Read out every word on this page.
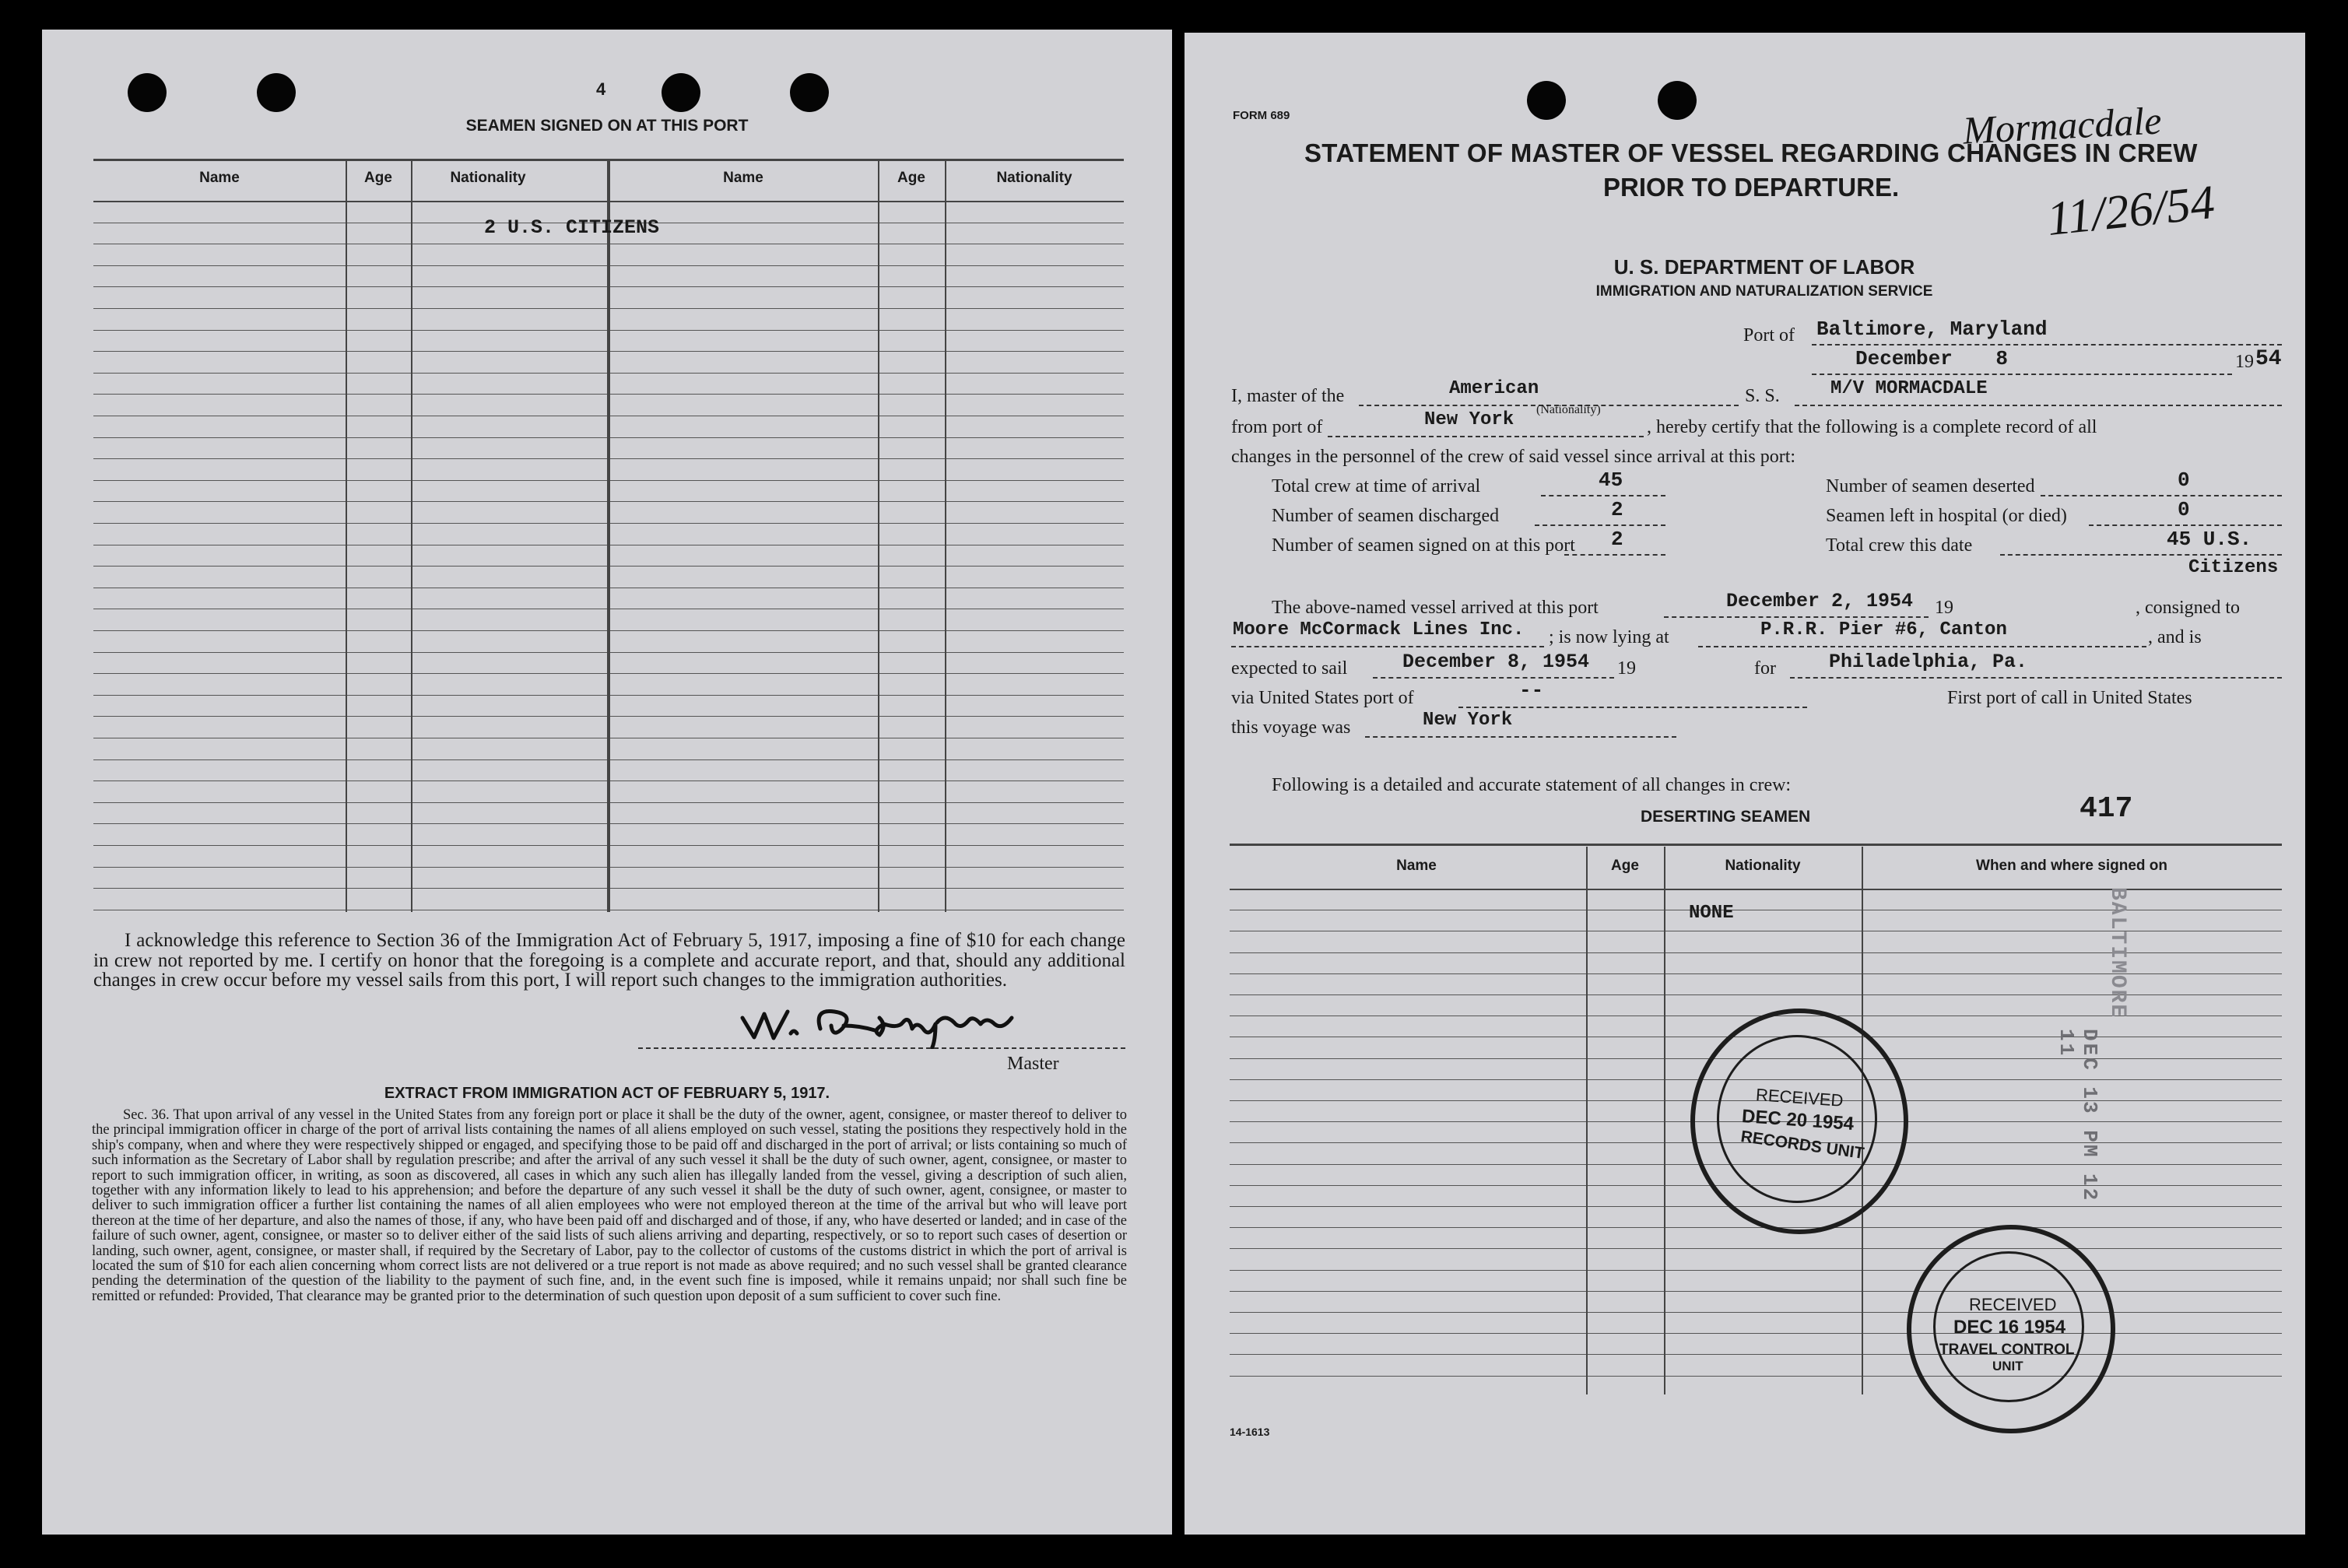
4
SEAMEN SIGNED ON AT THIS PORT
Name	Age	Nationality	Name	Age	Nationality
2 U.S. CITIZENS
I acknowledge this reference to Section 36 of the Immigration Act of February 5, 1917, imposing a fine of $10 for each change in crew not reported by me. I certify on honor that the foregoing is a complete and accurate report, and that, should any additional changes in crew occur before my vessel sails from this port, I will report such changes to the immigration authorities.
Master
EXTRACT FROM IMMIGRATION ACT OF FEBRUARY 5, 1917.
Sec. 36. That upon arrival of any vessel in the United States from any foreign port or place it shall be the duty of the owner, agent, consignee, or master thereof to deliver to the principal immigration officer in charge of the port of arrival lists containing the names of all aliens employed on such vessel, stating the positions they respectively hold in the ship's company, when and where they were respectively shipped or engaged, and specifying those to be paid off and discharged in the port of arrival; or lists containing so much of such information as the Secretary of Labor shall by regulation prescribe; and after the arrival of any such vessel it shall be the duty of such owner, agent, consignee, or master to report to such immigration officer, in writing, as soon as discovered, all cases in which any such alien has illegally landed from the vessel, giving a description of such alien, together with any information likely to lead to his apprehension; and before the departure of any such vessel it shall be the duty of such owner, agent, consignee, or master to deliver to such immigration officer a further list containing the names of all alien employees who were not employed thereon at the time of the arrival but who will leave port thereon at the time of her departure, and also the names of those, if any, who have been paid off and discharged and of those, if any, who have deserted or landed; and in case of the failure of such owner, agent, consignee, or master so to deliver either of the said lists of such aliens arriving and departing, respectively, or so to report such cases of desertion or landing, such owner, agent, consignee, or master shall, if required by the Secretary of Labor, pay to the collector of customs of the customs district in which the port of arrival is located the sum of $10 for each alien concerning whom correct lists are not delivered or a true report is not made as above required; and no such vessel shall be granted clearance pending the determination of the question of the liability to the payment of such fine, and, in the event such fine is imposed, while it remains unpaid; nor shall such fine be remitted or refunded: Provided, That clearance may be granted prior to the determination of such question upon deposit of a sum sufficient to cover such fine.
FORM 689
STATEMENT OF MASTER OF VESSEL REGARDING CHANGES IN CREW
PRIOR TO DEPARTURE.
Mormacdale
11/26/54
U. S. DEPARTMENT OF LABOR
IMMIGRATION AND NATURALIZATION SERVICE
Port of Baltimore, Maryland
December 8	19 54
I, master of the	American
(Nationality)
S. S.	M/V MORMACDALE
from port of	New York	, hereby certify that the following is a complete record of all
changes in the personnel of the crew of said vessel since arrival at this port:
Total crew at time of arrival	45
Number of seamen discharged	2
Number of seamen signed on at this port 2
Number of seamen deserted	0
Seamen left in hospital (or died)	0
Total crew this date	45 U.S.
Citizens
The above-named vessel arrived at this port	December 2, 1954 19	, consigned to
Moore McCormack Lines Inc. ; is now lying at	P.R.R. Pier #6, Canton	, and is
expected to sail	December 8, 1954 19	for	Philadelphia, Pa.
via United States port of	--	First port of call in United States
this voyage was	New York
Following is a detailed and accurate statement of all changes in crew:
DESERTING SEAMEN	417
Name	Age	Nationality	When and where signed on
NONE
DEC 13 PM 12 11
BALTIMORE
RECEIVED
DEC 20 1954
RECORDS UNIT
RECEIVED
DEC 16 1954
TRAVEL CONTROL
UNIT
14-1613
